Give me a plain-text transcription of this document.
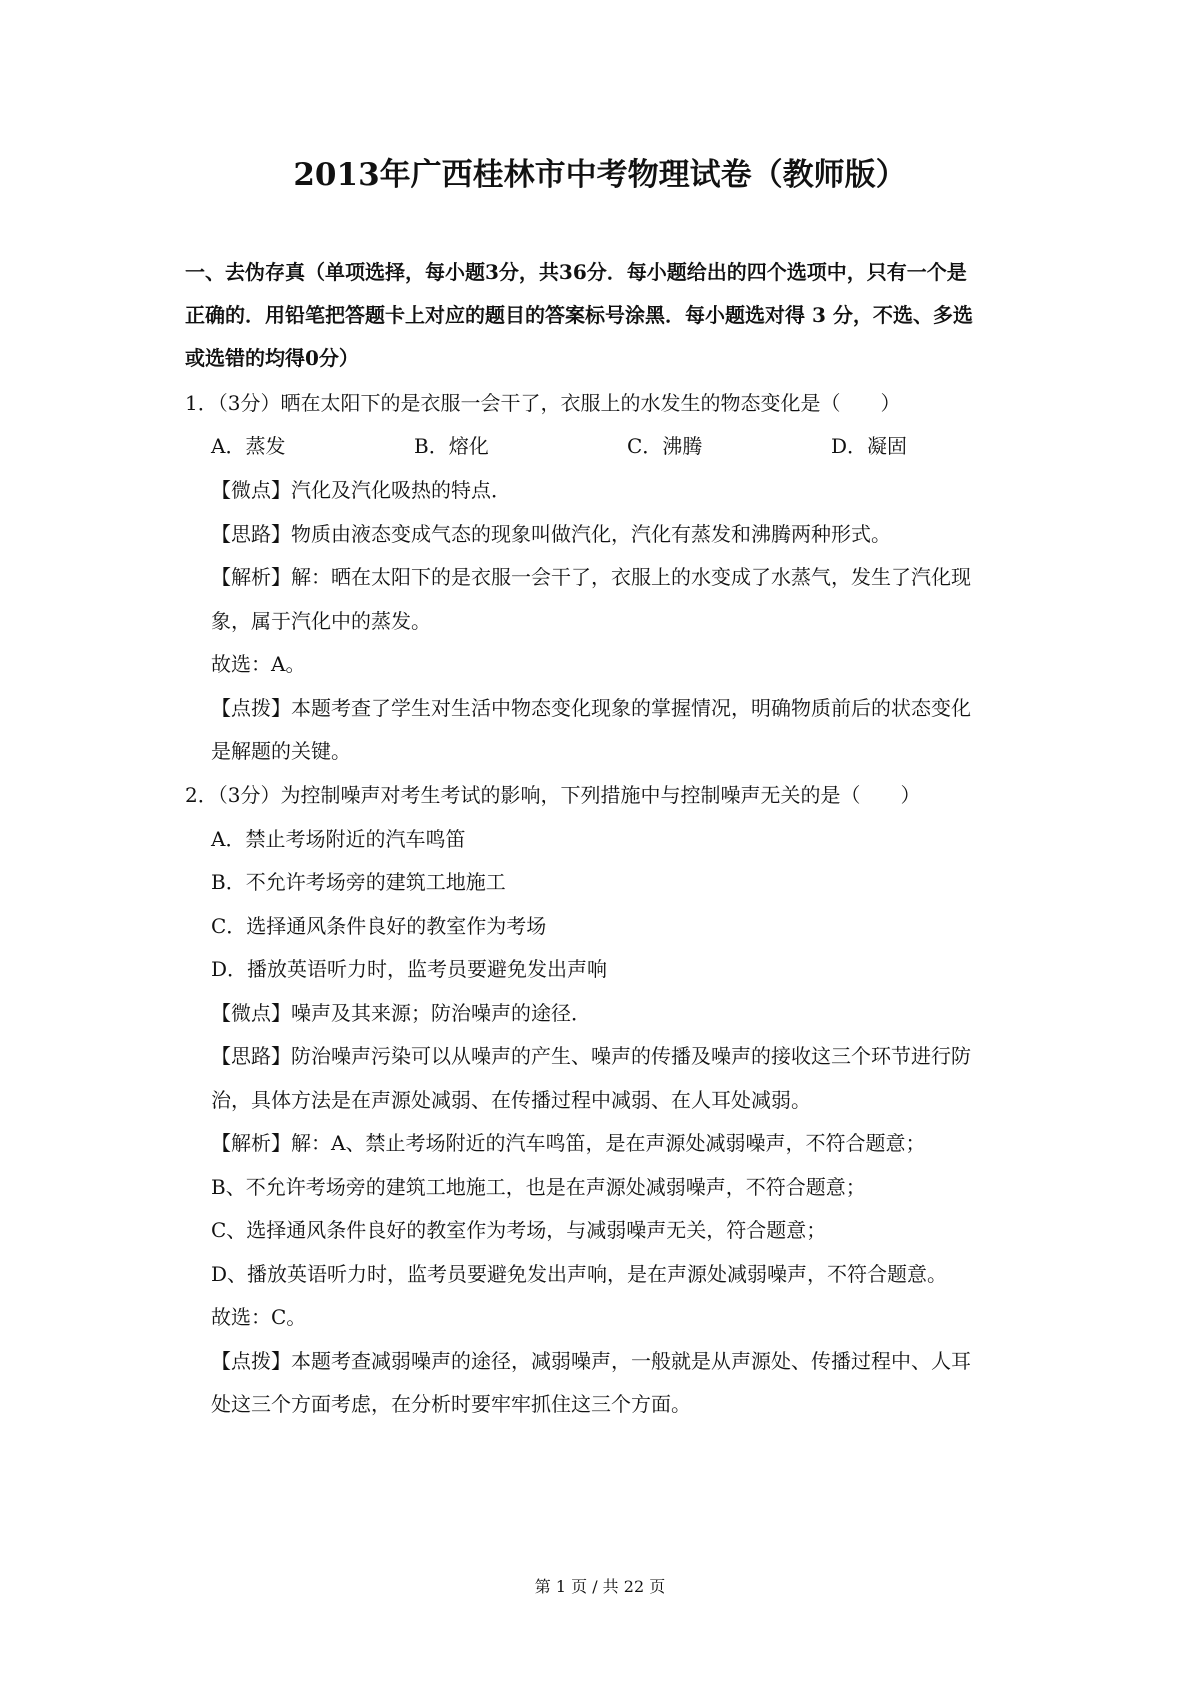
2013年广西桂林市中考物理试卷（教师版）
一、去伪存真（单项选择，每小题3分，共36分．每小题给出的四个选项中，只有一个是
正确的．用铅笔把答题卡上对应的题目的答案标号涂黑．每小题选对得 3 分，不选、多选
或选错的均得0分）
1．（3分）晒在太阳下的是衣服一会干了，衣服上的水发生的物态变化是（　　）
A．蒸发	B．熔化	C．沸腾	D．凝固
【微点】汽化及汽化吸热的特点．
【思路】物质由液态变成气态的现象叫做汽化，汽化有蒸发和沸腾两种形式。
【解析】解：晒在太阳下的是衣服一会干了，衣服上的水变成了水蒸气，发生了汽化现
象，属于汽化中的蒸发。
故选：A。
【点拨】本题考查了学生对生活中物态变化现象的掌握情况，明确物质前后的状态变化
是解题的关键。
2．（3分）为控制噪声对考生考试的影响，下列措施中与控制噪声无关的是（　　）
A．禁止考场附近的汽车鸣笛
B．不允许考场旁的建筑工地施工
C．选择通风条件良好的教室作为考场
D．播放英语听力时，监考员要避免发出声响
【微点】噪声及其来源；防治噪声的途径．
【思路】防治噪声污染可以从噪声的产生、噪声的传播及噪声的接收这三个环节进行防
治，具体方法是在声源处减弱、在传播过程中减弱、在人耳处减弱。
【解析】解：A、禁止考场附近的汽车鸣笛，是在声源处减弱噪声，不符合题意；
B、不允许考场旁的建筑工地施工，也是在声源处减弱噪声，不符合题意；
C、选择通风条件良好的教室作为考场，与减弱噪声无关，符合题意；
D、播放英语听力时，监考员要避免发出声响，是在声源处减弱噪声，不符合题意。
故选：C。
【点拨】本题考查减弱噪声的途径，减弱噪声，一般就是从声源处、传播过程中、人耳
处这三个方面考虑，在分析时要牢牢抓住这三个方面。
第 1 页 / 共 22 页
